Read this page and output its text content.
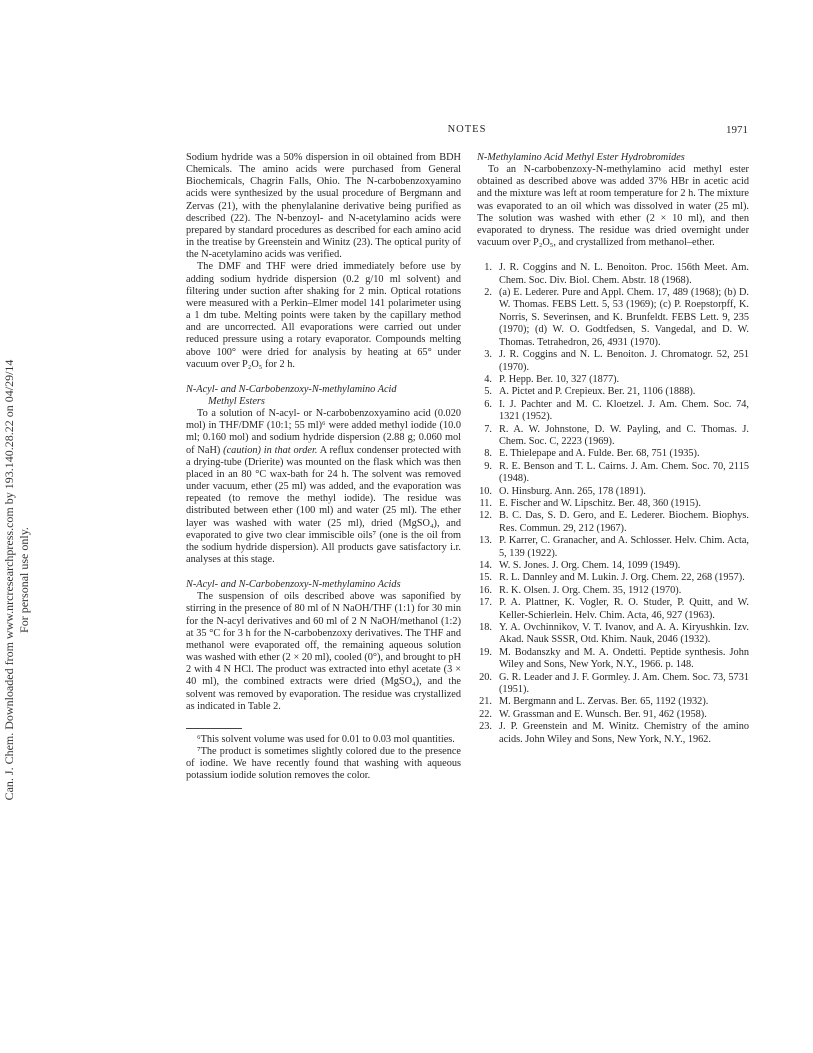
Can. J. Chem. Downloaded from www.nrcresearchpress.com by 193.140.28.22 on 04/29/14 For personal use only.
NOTES	1971

Sodium hydride was a 50% dispersion in oil obtained from BDH Chemicals. The amino acids were purchased from General Biochemicals, Chagrin Falls, Ohio. The N-carbobenzoxyamino acids were synthesized by the usual procedure of Bergmann and Zervas (21), with the phenylalanine derivative being purified as described (22). The N-benzoyl- and N-acetylamino acids were prepared by standard procedures as described for each amino acid in the treatise by Greenstein and Winitz (23). The optical purity of the N-acetylamino acids was verified.

The DMF and THF were dried immediately before use by adding sodium hydride dispersion (0.2 g/10 ml solvent) and filtering under suction after shaking for 2 min. Optical rotations were measured with a Perkin–Elmer model 141 polarimeter using a 1 dm tube. Melting points were taken by the capillary method and are uncorrected. All evaporations were carried out under reduced pressure using a rotary evaporator. Compounds melting above 100° were dried for analysis by heating at 65° under vacuum over P₂O₅ for 2 h.

N-Acyl- and N-Carbobenzoxy-N-methylamino Acid
Methyl Esters

To a solution of N-acyl- or N-carbobenzoxyamino acid (0.020 mol) in THF/DMF (10:1; 55 ml)⁶ were added methyl iodide (10.0 ml; 0.160 mol) and sodium hydride dispersion (2.88 g; 0.060 mol of NaH) (caution) in that order. A reflux condenser protected with a drying-tube (Drierite) was mounted on the flask which was then placed in an 80 °C wax-bath for 24 h. The solvent was removed under vacuum, ether (25 ml) was added, and the evaporation was repeated (to remove the methyl iodide). The residue was distributed between ether (100 ml) and water (25 ml). The ether layer was washed with water (25 ml), dried (MgSO₄), and evaporated to give two clear immiscible oils⁷ (one is the oil from the sodium hydride dispersion). All products gave satisfactory i.r. analyses at this stage.

N-Acyl- and N-Carbobenzoxy-N-methylamino Acids

The suspension of oils described above was saponified by stirring in the presence of 80 ml of N NaOH/THF (1:1) for 30 min for the N-acyl derivatives and 60 ml of 2 N NaOH/methanol (1:2) at 35 °C for 3 h for the N-carbobenzoxy derivatives. The THF and methanol were evaporated off, the remaining aqueous solution was washed with ether (2 × 20 ml), cooled (0°), and brought to pH 2 with 4 N HCl. The product was extracted into ethyl acetate (3 × 40 ml), the combined extracts were dried (MgSO₄), and the solvent was removed by evaporation. The residue was crystallized as indicated in Table 2.

⁶This solvent volume was used for 0.01 to 0.03 mol quantities.

⁷The product is sometimes slightly colored due to the presence of iodine. We have recently found that washing with aqueous potassium iodide solution removes the color.

N-Methylamino Acid Methyl Ester Hydrobromides

To an N-carbobenzoxy-N-methylamino acid methyl ester obtained as described above was added 37% HBr in acetic acid and the mixture was left at room temperature for 2 h. The mixture was evaporated to an oil which was dissolved in water (25 ml). The solution was washed with ether (2 × 10 ml), and then evaporated to dryness. The residue was dried overnight under vacuum over P₂O₅, and crystallized from methanol–ether.

1. J. R. Coggins and N. L. Benoiton. Proc. 156th Meet. Am. Chem. Soc. Div. Biol. Chem. Abstr. 18 (1968).
2. (a) E. Lederer. Pure and Appl. Chem. 17, 489 (1968); (b) D. W. Thomas. FEBS Lett. 5, 53 (1969); (c) P. Roepstorpff, K. Norris, S. Severinsen, and K. Brunfeldt. FEBS Lett. 9, 235 (1970); (d) W. O. Godtfedsen, S. Vangedal, and D. W. Thomas. Tetrahedron, 26, 4931 (1970).
3. J. R. Coggins and N. L. Benoiton. J. Chromatogr. 52, 251 (1970).
4. P. Hepp. Ber. 10, 327 (1877).
5. A. Pictet and P. Crepieux. Ber. 21, 1106 (1888).
6. I. J. Pachter and M. C. Kloetzel. J. Am. Chem. Soc. 74, 1321 (1952).
7. R. A. W. Johnstone, D. W. Payling, and C. Thomas. J. Chem. Soc. C, 2223 (1969).
8. E. Thielepape and A. Fulde. Ber. 68, 751 (1935).
9. R. E. Benson and T. L. Cairns. J. Am. Chem. Soc. 70, 2115 (1948).
10. O. Hinsburg. Ann. 265, 178 (1891).
11. E. Fischer and W. Lipschitz. Ber. 48, 360 (1915).
12. B. C. Das, S. D. Gero, and E. Lederer. Biochem. Biophys. Res. Commun. 29, 212 (1967).
13. P. Karrer, C. Granacher, and A. Schlosser. Helv. Chim. Acta, 5, 139 (1922).
14. W. S. Jones. J. Org. Chem. 14, 1099 (1949).
15. R. L. Dannley and M. Lukin. J. Org. Chem. 22, 268 (1957).
16. R. K. Olsen. J. Org. Chem. 35, 1912 (1970).
17. P. A. Plattner, K. Vogler, R. O. Studer, P. Quitt, and W. Keller-Schierlein. Helv. Chim. Acta, 46, 927 (1963).
18. Y. A. Ovchinnikov, V. T. Ivanov, and A. A. Kiryushkin. Izv. Akad. Nauk SSSR, Otd. Khim. Nauk, 2046 (1932).
19. M. Bodanszky and M. A. Ondetti. Peptide synthesis. John Wiley and Sons, New York, N.Y., 1966. p. 148.
20. G. R. Leader and J. F. Gormley. J. Am. Chem. Soc. 73, 5731 (1951).
21. M. Bergmann and L. Zervas. Ber. 65, 1192 (1932).
22. W. Grassman and E. Wunsch. Ber. 91, 462 (1958).
23. J. P. Greenstein and M. Winitz. Chemistry of the amino acids. John Wiley and Sons, New York, N.Y., 1962.
